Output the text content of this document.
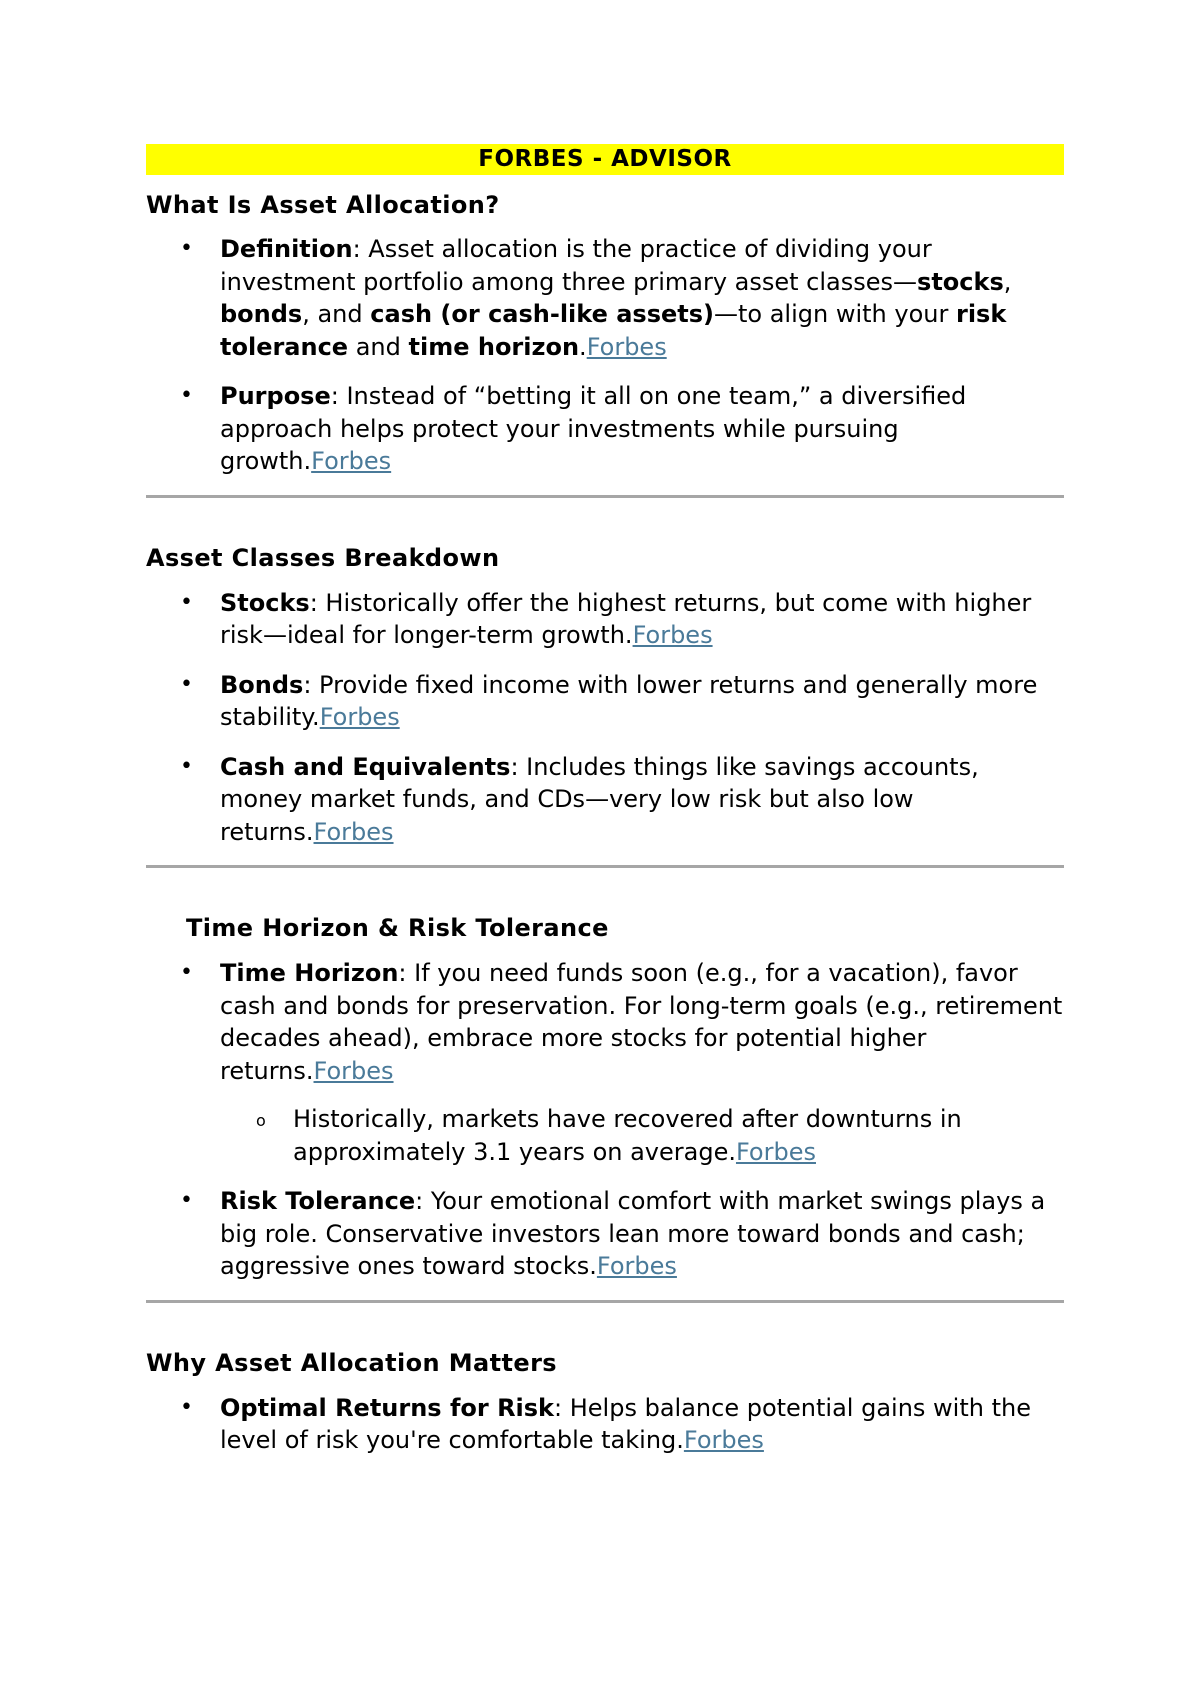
FORBES - ADVISOR
What Is Asset Allocation?
• Definition: Asset allocation is the practice of dividing your investment portfolio among three primary asset classes—stocks, bonds, and cash (or cash-like assets)—to align with your risk tolerance and time horizon.Forbes
• Purpose: Instead of “betting it all on one team,” a diversified approach helps protect your investments while pursuing growth.Forbes
Asset Classes Breakdown
• Stocks: Historically offer the highest returns, but come with higher risk—ideal for longer-term growth.Forbes
• Bonds: Provide fixed income with lower returns and generally more stability.Forbes
• Cash and Equivalents: Includes things like savings accounts, money market funds, and CDs—very low risk but also low returns.Forbes
Time Horizon & Risk Tolerance
• Time Horizon: If you need funds soon (e.g., for a vacation), favor cash and bonds for preservation. For long-term goals (e.g., retirement decades ahead), embrace more stocks for potential higher returns.Forbes
o Historically, markets have recovered after downturns in approximately 3.1 years on average.Forbes
• Risk Tolerance: Your emotional comfort with market swings plays a big role. Conservative investors lean more toward bonds and cash; aggressive ones toward stocks.Forbes
Why Asset Allocation Matters
• Optimal Returns for Risk: Helps balance potential gains with the level of risk you're comfortable taking.Forbes
